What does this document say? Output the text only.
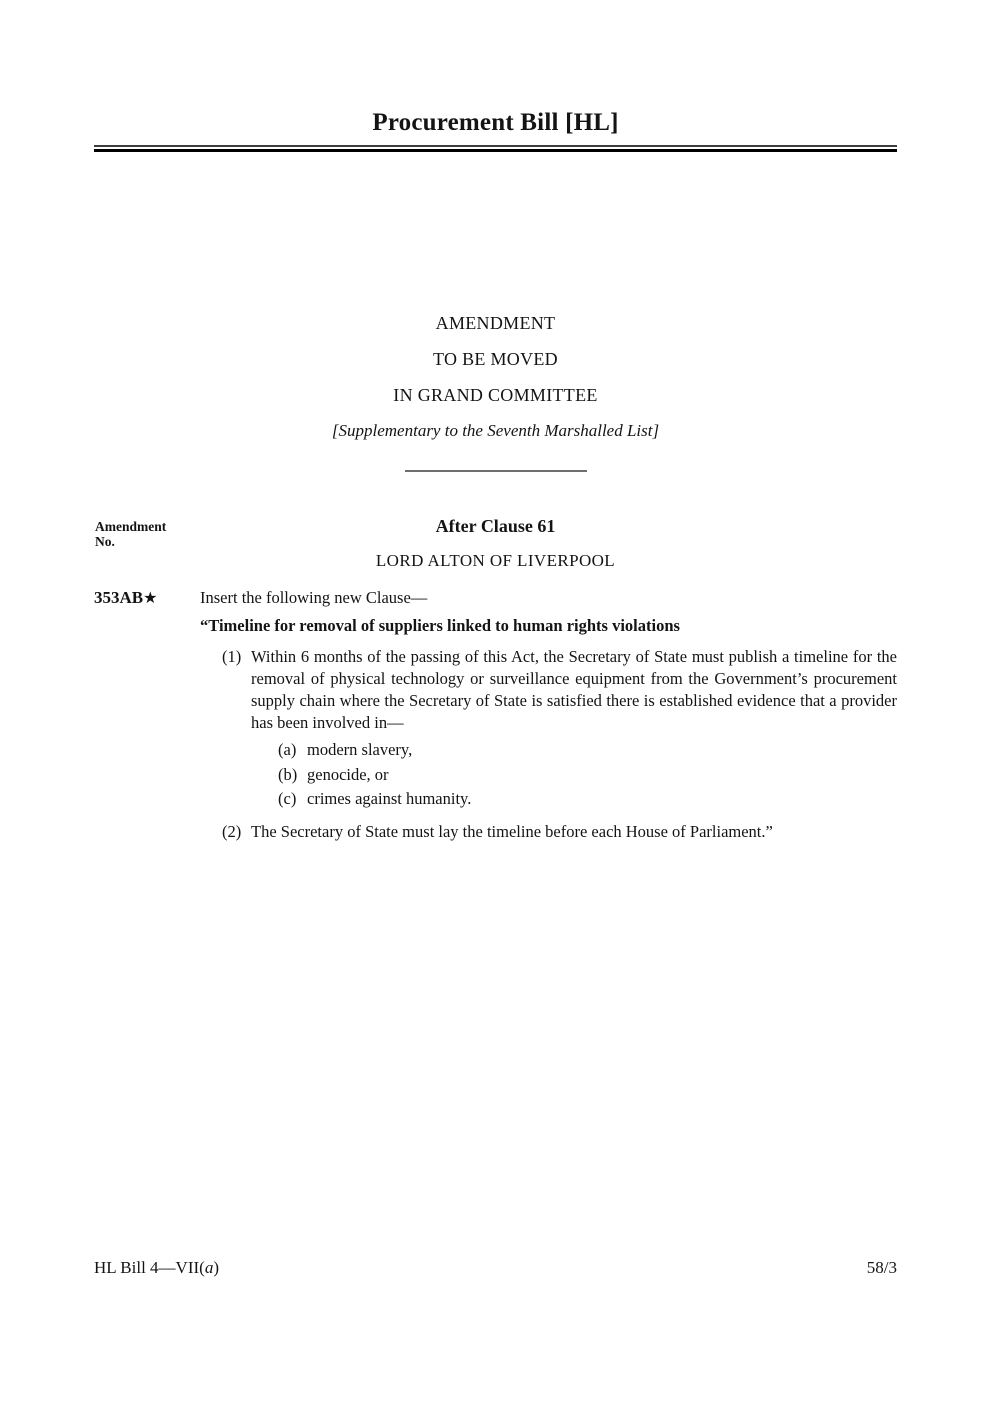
Procurement Bill [HL]
AMENDMENT
TO BE MOVED
IN GRAND COMMITTEE
[Supplementary to the Seventh Marshalled List]
Amendment
No.
After Clause 61
LORD ALTON OF LIVERPOOL
353AB★	Insert the following new Clause—
“Timeline for removal of suppliers linked to human rights violations
(1) Within 6 months of the passing of this Act, the Secretary of State must publish a timeline for the removal of physical technology or surveillance equipment from the Government’s procurement supply chain where the Secretary of State is satisfied there is established evidence that a provider has been involved in—
(a) modern slavery,
(b) genocide, or
(c) crimes against humanity.
(2) The Secretary of State must lay the timeline before each House of Parliament.”
HL Bill 4—VII(a)	58/3
